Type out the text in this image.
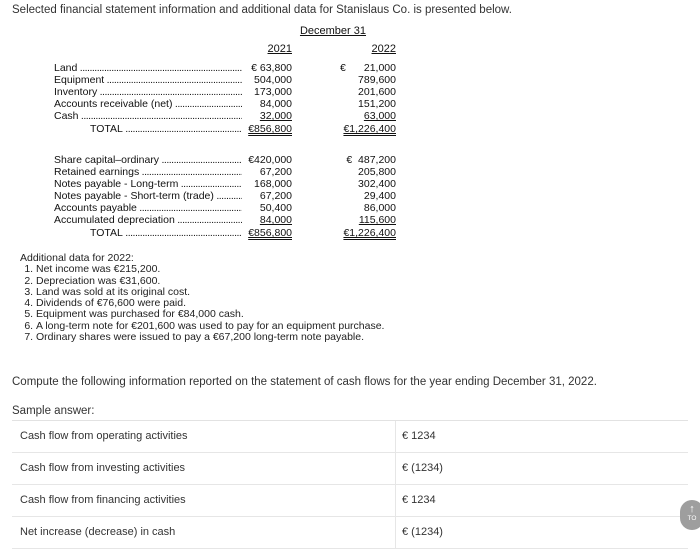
Selected financial statement information and additional data for Stanislaus Co. is presented below.
December 31
2021	2022
Land .....	€ 63,800	€	21,000
Equipment .....	504,000	789,600
Inventory .....	173,000	201,600
Accounts receivable (net) .....	84,000	151,200
Cash .....	32,000	63,000
TOTAL .....	€856,800	€1,226,400
Share capital–ordinary .....	€420,000	€  487,200
Retained earnings .....	67,200	205,800
Notes payable - Long-term .....	168,000	302,400
Notes payable - Short-term (trade) .....	67,200	29,400
Accounts payable .....	50,400	86,000
Accumulated depreciation .....	84,000	115,600
TOTAL .....	€856,800	€1,226,400
Additional data for 2022:
1. Net income was €215,200.
2. Depreciation was €31,600.
3. Land was sold at its original cost.
4. Dividends of €76,600 were paid.
5. Equipment was purchased for €84,000 cash.
6. A long-term note for €201,600 was used to pay for an equipment purchase.
7. Ordinary shares were issued to pay a €67,200 long-term note payable.
Compute the following information reported on the statement of cash flows for the year ending December 31, 2022.
Sample answer:
Cash flow from operating activities	€ 1234
Cash flow from investing activities	€ (1234)
Cash flow from financing activities	€ 1234
Net increase (decrease) in cash	€ (1234)
↑
TO
